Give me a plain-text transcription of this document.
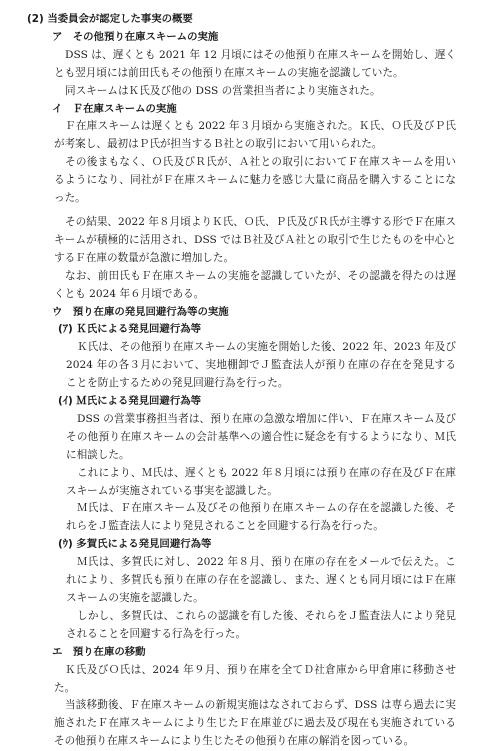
(2) 当委員会が認定した事実の概要
ア　その他預り在庫スキームの実施
DSS は、遅くとも 2021 年 12 月頃にはその他預り在庫スキームを開始し、遅くとも翌月頃には前田氏もその他預り在庫スキームの実施を認識していた。
同スキームはＫ氏及び他の DSS の営業担当者により実施された。
イ　Ｆ在庫スキームの実施
Ｆ在庫スキームは遅くとも 2022 年３月頃から実施された。Ｋ氏、Ｏ氏及びＰ氏が考案し、最初はＰ氏が担当するＢ社との取引において用いられた。
その後まもなく、Ｏ氏及びＲ氏が、Ａ社との取引においてＦ在庫スキームを用いるようになり、同社がＦ在庫スキームに魅力を感じ大量に商品を購入することになった。
その結果、2022 年８月頃よりＫ氏、Ｏ氏、Ｐ氏及びＲ氏が主導する形でＦ在庫スキームが積極的に活用され、DSS ではＢ社及びＡ社との取引で生じたものを中心とするＦ在庫の数量が急激に増加した。
なお、前田氏もＦ在庫スキームの実施を認識していたが、その認識を得たのは遅くとも 2024 年６月頃である。
ウ　預り在庫の発見回避行為等の実施
(ｱ) Ｋ氏による発見回避行為等
Ｋ氏は、その他預り在庫スキームの実施を開始した後、2022 年、2023 年及び 2024 年の各３月において、実地棚卸でＪ監査法人が預り在庫の存在を発見することを防止するための発見回避行為を行った。
(ｲ) Ｍ氏による発見回避行為等
DSS の営業事務担当者は、預り在庫の急激な増加に伴い、Ｆ在庫スキーム及びその他預り在庫スキームの会計基準への適合性に疑念を有するようになり、Ｍ氏に相談した。
これにより、Ｍ氏は、遅くとも 2022 年８月頃には預り在庫の存在及びＦ在庫スキームが実施されている事実を認識した。
Ｍ氏は、Ｆ在庫スキーム及びその他預り在庫スキームの存在を認識した後、それらをＪ監査法人により発見されることを回避する行為を行った。
(ｳ) 多賀氏による発見回避行為等
Ｍ氏は、多賀氏に対し、2022 年８月、預り在庫の存在をメールで伝えた。これにより、多賀氏も預り在庫の存在を認識し、また、遅くとも同月頃にはＦ在庫スキームの実施を認識した。
しかし、多賀氏は、これらの認識を有した後、それらをＪ監査法人により発見されることを回避する行為を行った。
エ　預り在庫の移動
Ｋ氏及びＯ氏は、2024 年９月、預り在庫を全てＤ社倉庫から甲倉庫に移動させた。
当該移動後、Ｆ在庫スキームの新規実施はなされておらず、DSS は専ら過去に実施されたＦ在庫スキームにより生じたＦ在庫並びに過去及び現在も実施されているその他預り在庫スキームにより生じたその他預り在庫の解消を図っている。
